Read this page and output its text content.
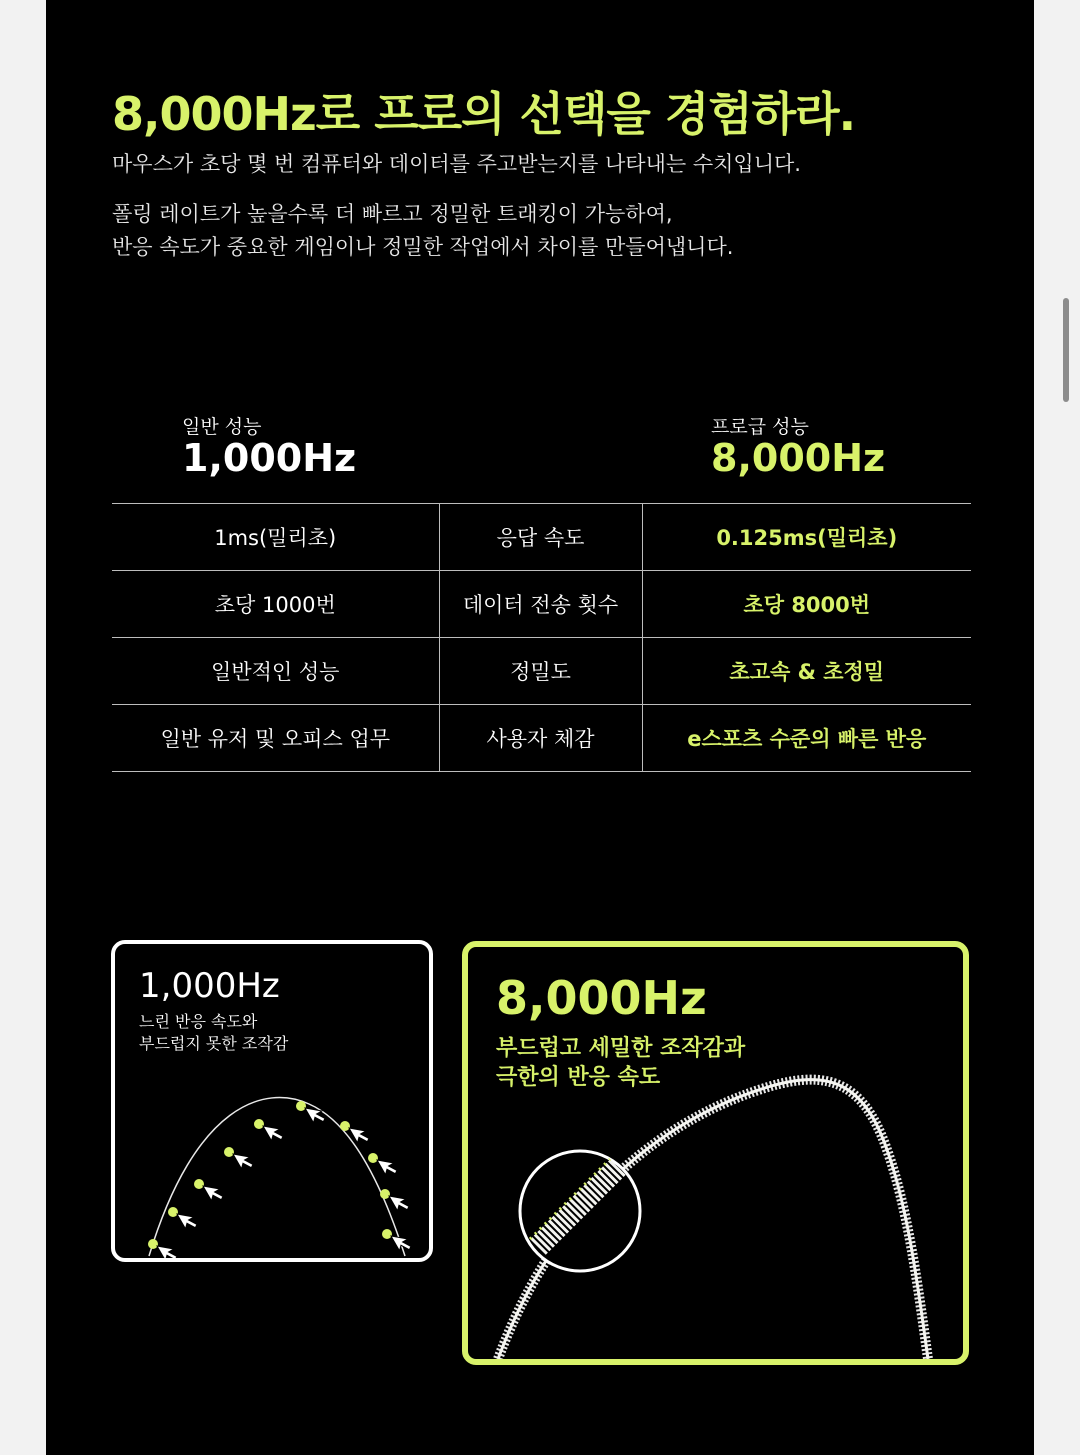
8,000Hz로 프로의 선택을 경험하라.

마우스가 초당 몇 번 컴퓨터와 데이터를 주고받는지를 나타내는 수치입니다.

폴링 레이트가 높을수록 더 빠르고 정밀한 트래킹이 가능하여,

반응 속도가 중요한 게임이나 정밀한 작업에서 차이를 만들어냅니다.

일반 성능
1,000Hz
프로급 성능
8,000Hz
1ms(밀리초)	응답 속도	0.125ms(밀리초)
초당 1000번	데이터 전송 횟수	초당 8000번
일반적인 성능	정밀도	초고속 & 초정밀
일반 유저 및 오피스 업무	사용자 체감	e스포츠 수준의 빠른 반응
1,000Hz
느린 반응 속도와
부드럽지 못한 조작감
8,000Hz
부드럽고 세밀한 조작감과
극한의 반응 속도
